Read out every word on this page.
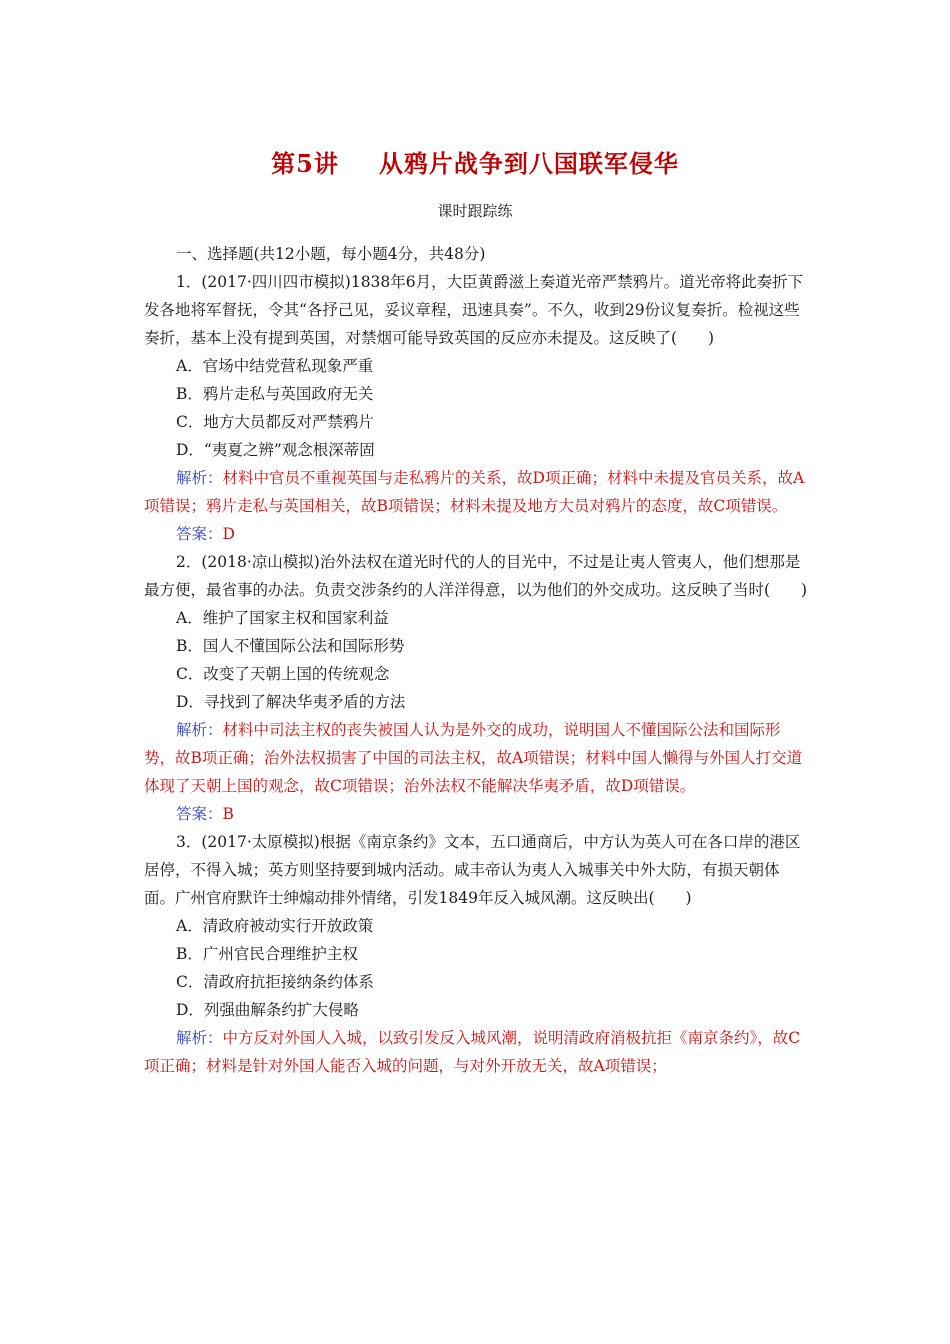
第5讲 从鸦片战争到八国联军侵华
课时跟踪练

一、选择题(共12小题，每小题4分，共48分)

1．(2017·四川四市模拟)1838年6月，大臣黄爵滋上奏道光帝严禁鸦片。道光帝将此奏折下发各地将军督抚，令其“各抒己见，妥议章程，迅速具奏”。不久，收到29份议复奏折。检视这些奏折，基本上没有提到英国，对禁烟可能导致英国的反应亦未提及。这反映了(　　)

A．官场中结党营私现象严重

B．鸦片走私与英国政府无关

C．地方大员都反对严禁鸦片

D．“夷夏之辨”观念根深蒂固

解析：材料中官员不重视英国与走私鸦片的关系，故D项正确；材料中未提及官员关系，故A项错误；鸦片走私与英国相关，故B项错误；材料未提及地方大员对鸦片的态度，故C项错误。

答案：D

2．(2018·凉山模拟)治外法权在道光时代的人的目光中，不过是让夷人管夷人，他们想那是最方便，最省事的办法。负责交涉条约的人洋洋得意，以为他们的外交成功。这反映了当时(　　)

A．维护了国家主权和国家利益

B．国人不懂国际公法和国际形势

C．改变了天朝上国的传统观念

D．寻找到了解决华夷矛盾的方法

解析：材料中司法主权的丧失被国人认为是外交的成功，说明国人不懂国际公法和国际形势，故B项正确；治外法权损害了中国的司法主权，故A项错误；材料中国人懒得与外国人打交道体现了天朝上国的观念，故C项错误；治外法权不能解决华夷矛盾，故D项错误。

答案：B

3．(2017·太原模拟)根据《南京条约》文本，五口通商后，中方认为英人可在各口岸的港区居停，不得入城；英方则坚持要到城内活动。咸丰帝认为夷人入城事关中外大防，有损天朝体面。广州官府默许士绅煽动排外情绪，引发1849年反入城风潮。这反映出(　　)

A．清政府被动实行开放政策

B．广州官民合理维护主权

C．清政府抗拒接纳条约体系

D．列强曲解条约扩大侵略

解析：中方反对外国人入城，以致引发反入城风潮，说明清政府消极抗拒《南京条约》，故C项正确；材料是针对外国人能否入城的问题，与对外开放无关，故A项错误；
